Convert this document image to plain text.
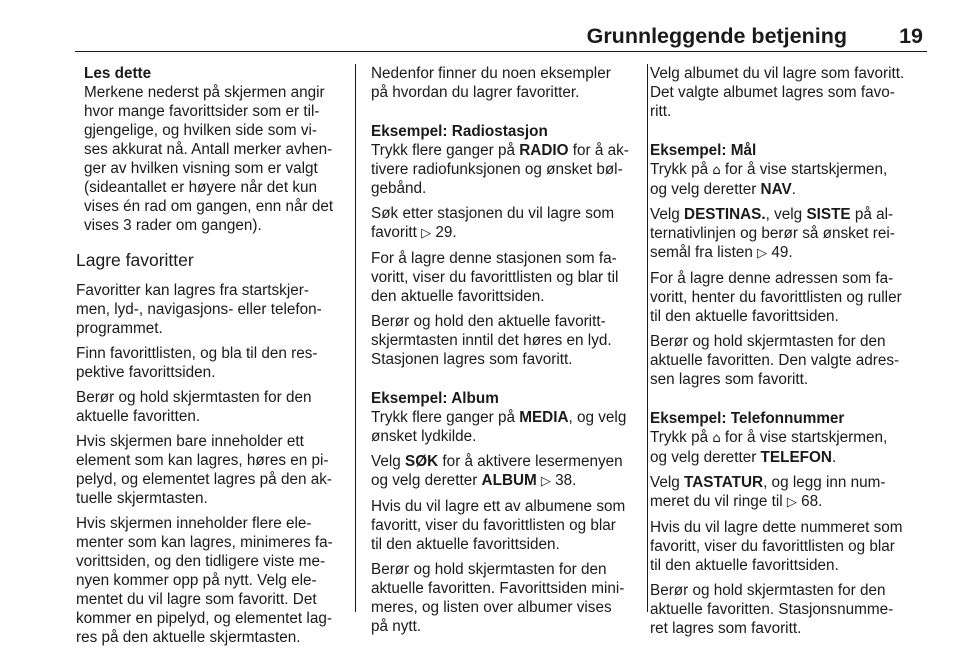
Grunnleggende betjening 19
Les dette
Merkene nederst på skjermen angir
hvor mange favorittsider som er til-
gjengelige, og hvilken side som vi-
ses akkurat nå. Antall merker avhen-
ger av hvilken visning som er valgt
(sideantallet er høyere når det kun
vises én rad om gangen, enn når det
vises 3 rader om gangen).
Lagre favoritter

Favoritter kan lagres fra startskjer-
men, lyd-, navigasjons- eller telefon-
programmet.

Finn favorittlisten, og bla til den res-
pektive favorittsiden.

Berør og hold skjermtasten for den
aktuelle favoritten.

Hvis skjermen bare inneholder ett
element som kan lagres, høres en pi-
pelyd, og elementet lagres på den ak-
tuelle skjermtasten.

Hvis skjermen inneholder flere ele-
menter som kan lagres, minimeres fa-
vorittsiden, og den tidligere viste me-
nyen kommer opp på nytt. Velg ele-
mentet du vil lagre som favoritt. Det
kommer en pipelyd, og elementet lag-
res på den aktuelle skjermtasten.

Nedenfor finner du noen eksempler
på hvordan du lagrer favoritter.

Eksempel: Radiostasjon

Trykk flere ganger på RADIO for å ak-
tivere radiofunksjonen og ønsket bøl-
gebånd.

Søk etter stasjonen du vil lagre som
favoritt ▷ 29.

For å lagre denne stasjonen som fa-
voritt, viser du favorittlisten og blar til
den aktuelle favorittsiden.

Berør og hold den aktuelle favoritt-
skjermtasten inntil det høres en lyd.
Stasjonen lagres som favoritt.

Eksempel: Album

Trykk flere ganger på MEDIA, og velg
ønsket lydkilde.

Velg SØK for å aktivere lesermenyen
og velg deretter ALBUM ▷ 38.

Hvis du vil lagre ett av albumene som
favoritt, viser du favorittlisten og blar
til den aktuelle favorittsiden.

Berør og hold skjermtasten for den
aktuelle favoritten. Favorittsiden mini-
meres, og listen over albumer vises
på nytt.

Velg albumet du vil lagre som favoritt.
Det valgte albumet lagres som favo-
ritt.

Eksempel: Mål

Trykk på ⌂ for å vise startskjermen,
og velg deretter NAV.

Velg DESTINAS., velg SISTE på al-
ternativlinjen og berør så ønsket rei-
semål fra listen ▷ 49.

For å lagre denne adressen som fa-
voritt, henter du favorittlisten og ruller
til den aktuelle favorittsiden.

Berør og hold skjermtasten for den
aktuelle favoritten. Den valgte adres-
sen lagres som favoritt.

Eksempel: Telefonnummer

Trykk på ⌂ for å vise startskjermen,
og velg deretter TELEFON.

Velg TASTATUR, og legg inn num-
meret du vil ringe til ▷ 68.

Hvis du vil lagre dette nummeret som
favoritt, viser du favorittlisten og blar
til den aktuelle favorittsiden.

Berør og hold skjermtasten for den
aktuelle favoritten. Stasjonsnumme-
ret lagres som favoritt.
